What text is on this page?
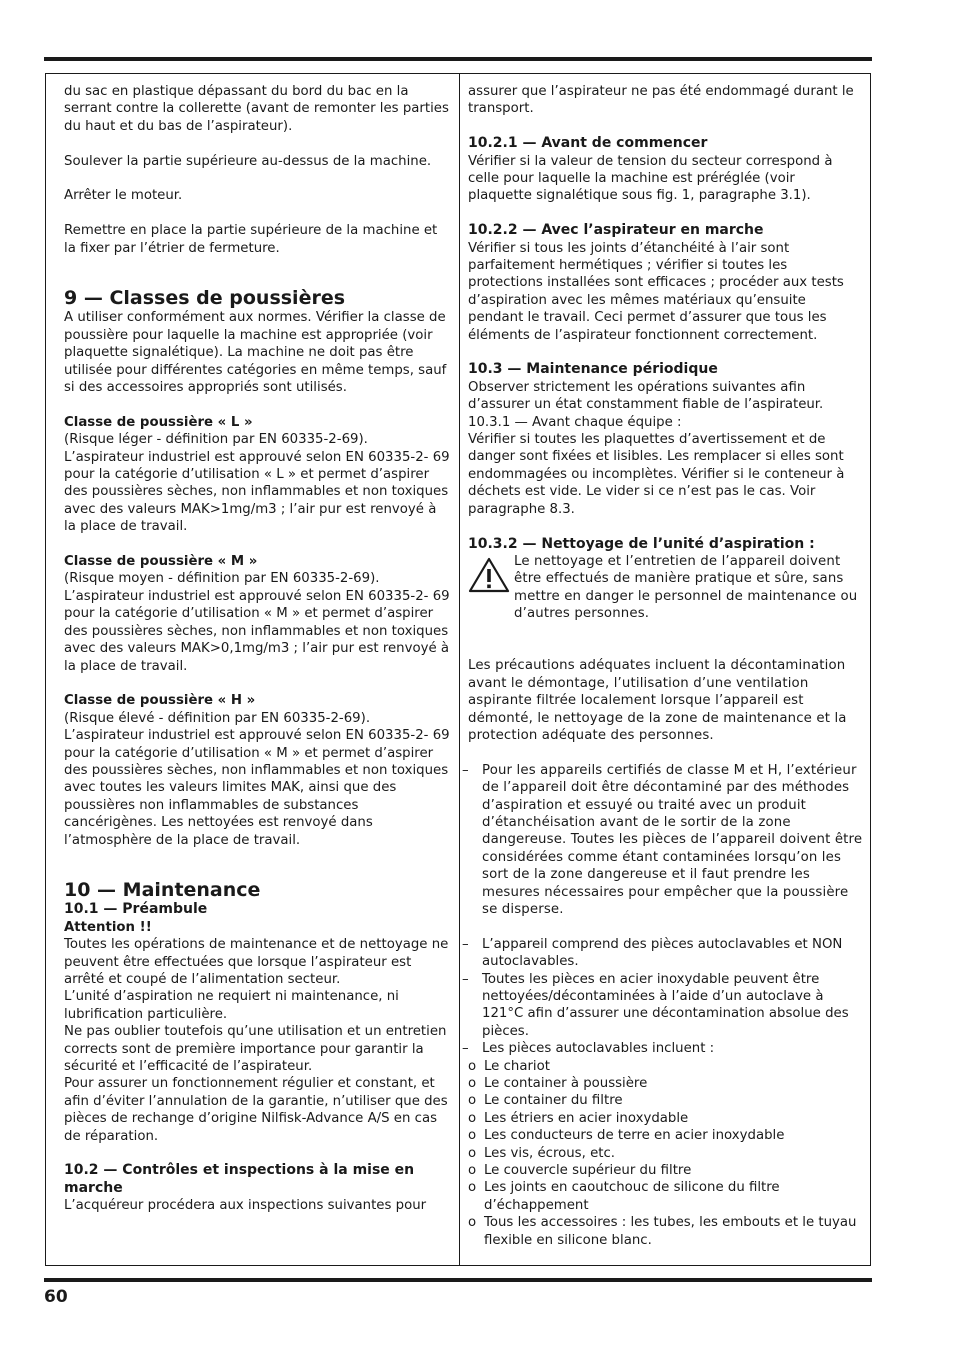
du sac en plastique dépassant du bord du bac en la serrant contre la collerette (avant de remonter les parties du haut et du bas de l’aspirateur).

Soulever la partie supérieure au-dessus de la machine.

Arrêter le moteur.

Remettre en place la partie supérieure de la machine et la fixer par l’étrier de fermeture.

9 — Classes de poussières

A utiliser conformément aux normes. Vérifier la classe de poussière pour laquelle la machine est appropriée (voir plaquette signalétique). La machine ne doit pas être utilisée pour différentes catégories en même temps, sauf si des accessoires appropriés sont utilisés.

Classe de poussière « L »

(Risque léger - définition par EN 60335-2-69). L’aspirateur industriel est approuvé selon EN 60335-2- 69 pour la catégorie d’utilisation « L » et permet d’aspirer des poussières sèches, non inflammables et non toxiques avec des valeurs MAK>1mg/m3 ; l’air pur est renvoyé à la place de travail.

Classe de poussière « M »

(Risque moyen - définition par EN 60335-2-69). L’aspirateur industriel est approuvé selon EN 60335-2- 69 pour la catégorie d’utilisation « M » et permet d’aspirer des poussières sèches, non inflammables et non toxiques avec des valeurs MAK>0,1mg/m3 ; l’air pur est renvoyé à la place de travail.

Classe de poussière « H »

(Risque élevé - définition par EN 60335-2-69). L’aspirateur industriel est approuvé selon EN 60335-2- 69 pour la catégorie d’utilisation « M » et permet d’aspirer des poussières sèches, non inflammables et non toxiques avec toutes les valeurs limites MAK, ainsi que des poussières non inflammables de substances cancérigènes. Les nettoyées est renvoyé dans l’atmosphère de la place de travail.

10 — Maintenance
10.1 — Préambule

Attention !!

Toutes les opérations de maintenance et de nettoyage ne peuvent être effectuées que lorsque l’aspirateur est arrêté et coupé de l’alimentation secteur.

L’unité d’aspiration ne requiert ni maintenance, ni lubrification particulière.

Ne pas oublier toutefois qu’une utilisation et un entretien corrects sont de première importance pour garantir la sécurité et l’efficacité de l’aspirateur.

Pour assurer un fonctionnement régulier et constant, et afin d’éviter l’annulation de la garantie, n’utiliser que des pièces de rechange d’origine Nilfisk-Advance A/S en cas de réparation.

10.2 — Contrôles et inspections à la mise en marche

L’acquéreur procédera aux inspections suivantes pour

assurer que l’aspirateur ne pas été endommagé durant le transport.

10.2.1 — Avant de commencer

Vérifier si la valeur de tension du secteur correspond à celle pour laquelle la machine est préréglée (voir plaquette signalétique sous fig. 1, paragraphe 3.1).

10.2.2 — Avec l’aspirateur en marche

Vérifier si tous les joints d’étanchéité à l’air sont parfaitement hermétiques ; vérifier si toutes les protections installées sont efficaces ; procéder aux tests d’aspiration avec les mêmes matériaux qu’ensuite pendant le travail. Ceci permet d’assurer que tous les éléments de l’aspirateur fonctionnent correctement.

10.3 — Maintenance périodique

Observer strictement les opérations suivantes afin d’assurer un état constamment fiable de l’aspirateur.

10.3.1 — Avant chaque équipe :

Vérifier si toutes les plaquettes d’avertissement et de danger sont fixées et lisibles. Les remplacer si elles sont endommagées ou incomplètes. Vérifier si le conteneur à déchets est vide. Le vider si ce n’est pas le cas. Voir paragraphe 8.3.

10.3.2 — Nettoyage de l’unité d’aspiration :

Le nettoyage et l’entretien de l’appareil doivent être effectués de manière pratique et sûre, sans mettre en danger le personnel de maintenance ou d’autres personnes.

Les précautions adéquates incluent la décontamination avant le démontage, l’utilisation d’une ventilation aspirante filtrée localement lorsque l’appareil est démonté, le nettoyage de la zone de maintenance et la protection adéquate des personnes.

–	Pour les appareils certifiés de classe M et H, l’extérieur de l’appareil doit être décontaminé par des méthodes d’aspiration et essuyé ou traité avec un produit d’étanchéisation avant de le sortir de la zone dangereuse. Toutes les pièces de l’appareil doivent être considérées comme étant contaminées lorsqu’on les sort de la zone dangereuse et il faut prendre les mesures nécessaires pour empêcher que la poussière se disperse.
–	L’appareil comprend des pièces autoclavables et NON autoclavables.
–	Toutes les pièces en acier inoxydable peuvent être nettoyées/décontaminées à l’aide d’un autoclave à 121°C afin d’assurer une décontamination absolue des pièces.
–	Les pièces autoclavables incluent :
o Le chariot
o Le container à poussière
o Le container du filtre
o Les étriers en acier inoxydable
o Les conducteurs de terre en acier inoxydable
o Les vis, écrous, etc.
o Le couvercle supérieur du filtre
o Les joints en caoutchouc de silicone du filtre d’échappement
o Tous les accessoires : les tubes, les embouts et le tuyau flexible en silicone blanc.
60
